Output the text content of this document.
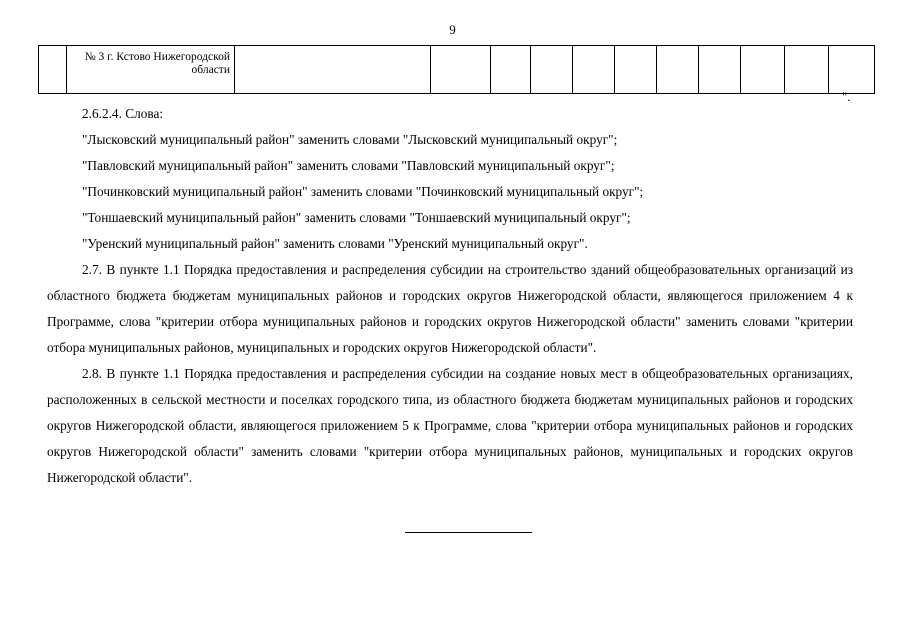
9
	№ 3 г. Кстово Нижегородской области											
".

2.6.2.4. Слова:

"Лысковский муниципальный район" заменить словами "Лысковский муниципальный округ";

"Павловский муниципальный район" заменить словами "Павловский муниципальный округ";

"Починковский муниципальный район" заменить словами "Починковский муниципальный округ";

"Тоншаевский муниципальный район" заменить словами "Тоншаевский муниципальный округ";

"Уренский муниципальный район" заменить словами "Уренский муниципальный округ".

2.7. В пункте 1.1 Порядка предоставления и распределения субсидии на строительство зданий общеобразовательных организаций из областного бюджета бюджетам муниципальных районов и городских округов Нижегородской области, являющегося приложением 4 к Программе, слова "критерии отбора муниципальных районов и городских округов Нижегородской области" заменить словами "критерии отбора муниципальных районов, муниципальных и городских округов Нижегородской области".

2.8. В пункте 1.1 Порядка предоставления и распределения субсидии на создание новых мест в общеобразовательных организациях, расположенных в сельской местности и поселках городского типа, из областного бюджета бюджетам муниципальных районов и городских округов Нижегородской области, являющегося приложением 5 к Программе, слова "критерии отбора муниципальных районов и городских округов Нижегородской области" заменить словами "критерии отбора муниципальных районов, муниципальных и городских округов Нижегородской области".
